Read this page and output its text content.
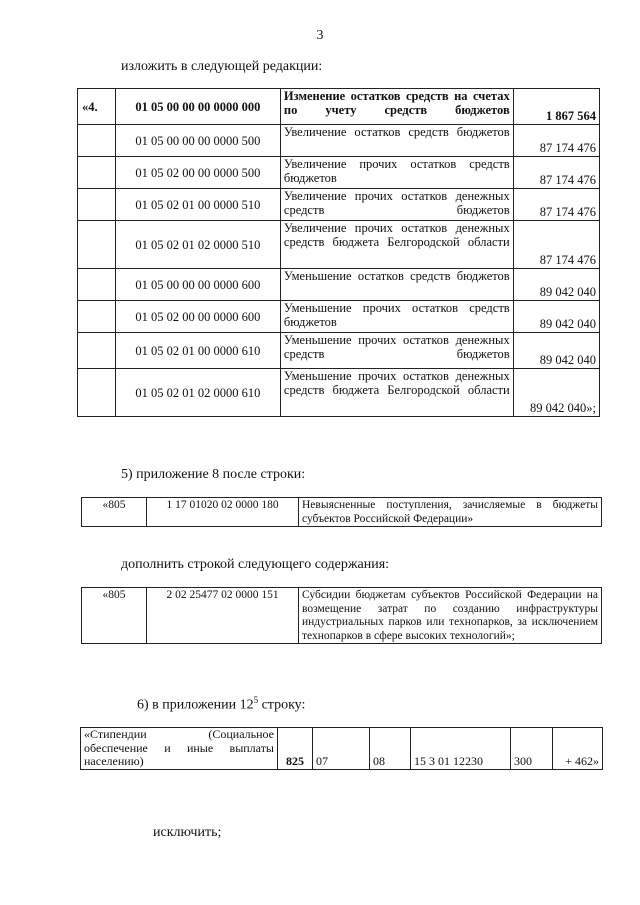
3
изложить в следующей редакции:
«4.	01 05 00 00 00 0000 000	Изменение остатков средств на счетах по учету средств бюджетов	1 867 564
	01 05 00 00 00 0000 500	Увеличение остатков средств бюджетов	87 174 476
	01 05 02 00 00 0000 500	Увеличение прочих остатков средств бюджетов	87 174 476
	01 05 02 01 00 0000 510	Увеличение прочих остатков денежных средств бюджетов	87 174 476
	01 05 02 01 02 0000 510	Увеличение прочих остатков денежных средств бюджета Белгородской области	87 174 476
	01 05 00 00 00 0000 600	Уменьшение остатков средств бюджетов	89 042 040
	01 05 02 00 00 0000 600	Уменьшение прочих остатков средств бюджетов	89 042 040
	01 05 02 01 00 0000 610	Уменьшение прочих остатков денежных средств бюджетов	89 042 040
	01 05 02 01 02 0000 610	Уменьшение прочих остатков денежных средств бюджета Белгородской области	89 042 040»;
5) приложение 8 после строки:
«805	1 17 01020 02 0000 180	Невыясненные поступления, зачисляемые в бюджеты субъектов Российской Федерации»
дополнить строкой следующего содержания:
«805	2 02 25477 02 0000 151	Субсидии бюджетам субъектов Российской Федерации на возмещение затрат по созданию инфраструктуры индустриальных парков или технопарков, за исключением технопарков в сфере высоких технологий»;
6) в приложении $12^5$ строку:
«Стипендии (Социальное обеспечение и иные выплаты населению)	825	07	08	15 3 01 12230	300	+ 462»
исключить;
